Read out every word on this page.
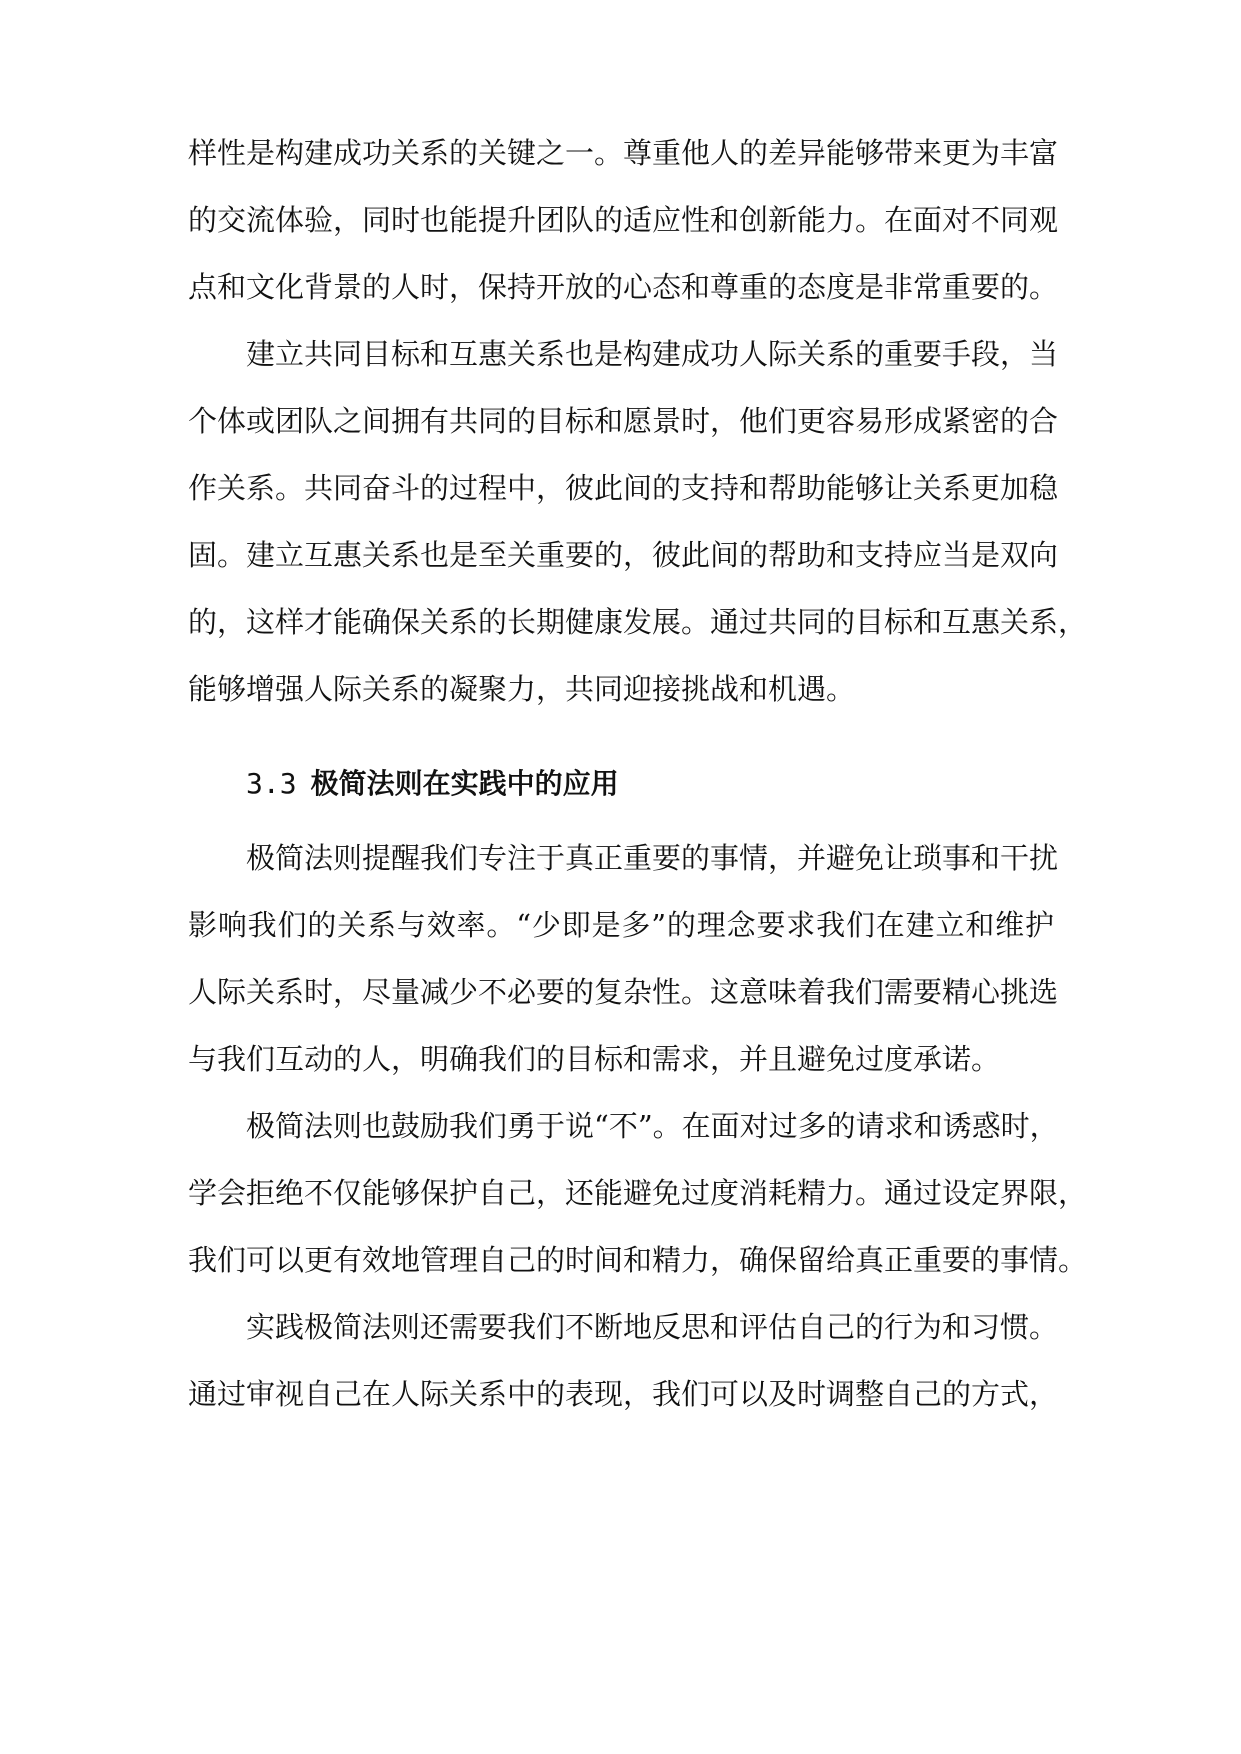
样性是构建成功关系的关键之一。尊重他人的差异能够带来更为丰富
的交流体验，同时也能提升团队的适应性和创新能力。在面对不同观
点和文化背景的人时，保持开放的心态和尊重的态度是非常重要的。
建立共同目标和互惠关系也是构建成功人际关系的重要手段，当
个体或团队之间拥有共同的目标和愿景时，他们更容易形成紧密的合
作关系。共同奋斗的过程中，彼此间的支持和帮助能够让关系更加稳
固。建立互惠关系也是至关重要的，彼此间的帮助和支持应当是双向
的，这样才能确保关系的长期健康发展。通过共同的目标和互惠关系，
能够增强人际关系的凝聚力，共同迎接挑战和机遇。
3.3 极简法则在实践中的应用
极简法则提醒我们专注于真正重要的事情，并避免让琐事和干扰
影响我们的关系与效率。“少即是多”的理念要求我们在建立和维护
人际关系时，尽量减少不必要的复杂性。这意味着我们需要精心挑选
与我们互动的人，明确我们的目标和需求，并且避免过度承诺。
极简法则也鼓励我们勇于说“不”。在面对过多的请求和诱惑时，
学会拒绝不仅能够保护自己，还能避免过度消耗精力。通过设定界限，
我们可以更有效地管理自己的时间和精力，确保留给真正重要的事情。
实践极简法则还需要我们不断地反思和评估自己的行为和习惯。
通过审视自己在人际关系中的表现，我们可以及时调整自己的方式，
